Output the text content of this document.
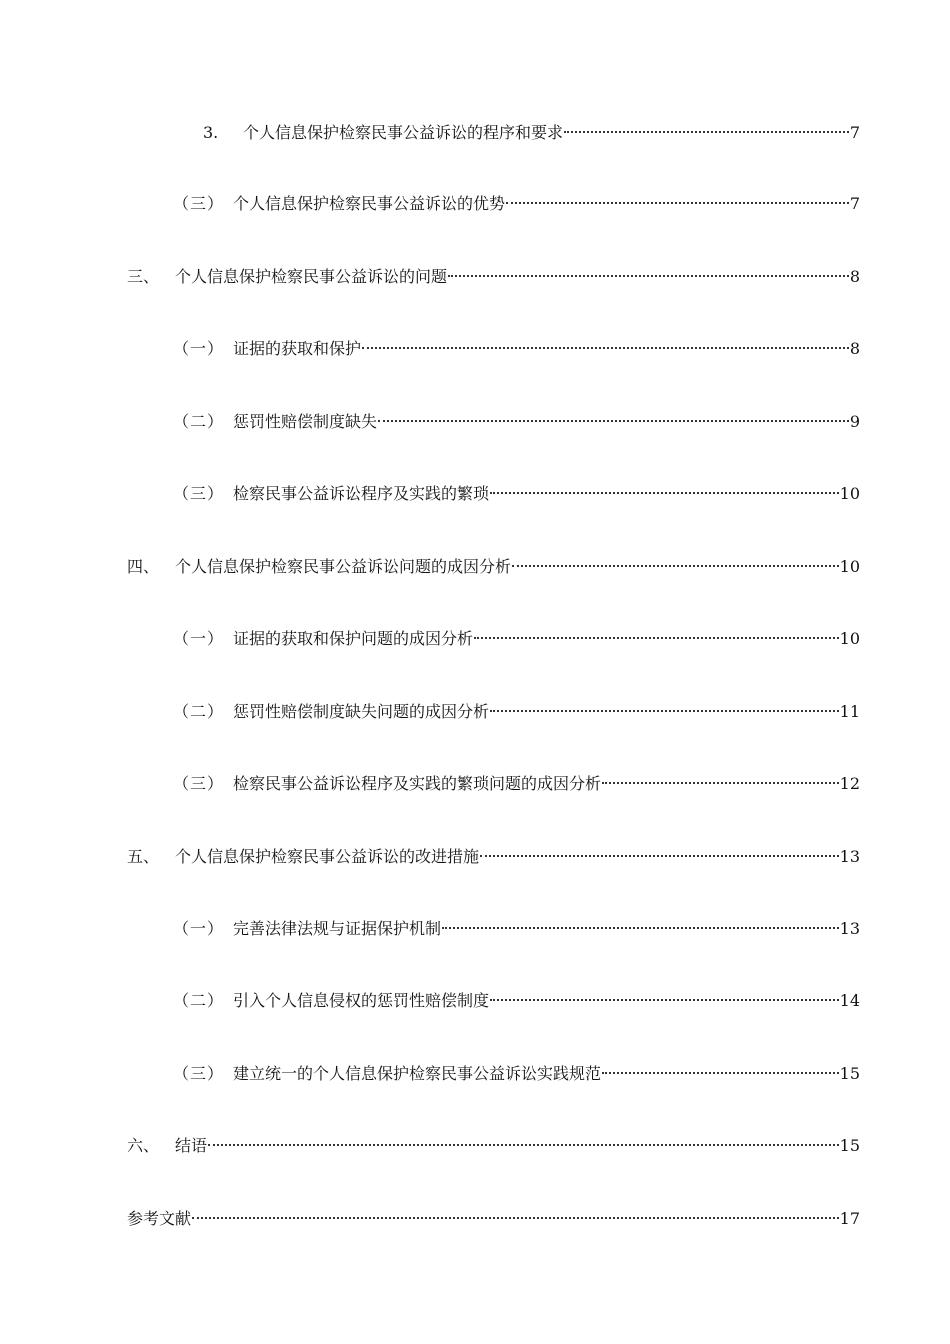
3.	个人信息保护检察民事公益诉讼的程序和要求	7
（三） 个人信息保护检察民事公益诉讼的优势	7
三、 个人信息保护检察民事公益诉讼的问题	8
（一） 证据的获取和保护	8
（二） 惩罚性赔偿制度缺失	9
（三） 检察民事公益诉讼程序及实践的繁琐	10
四、 个人信息保护检察民事公益诉讼问题的成因分析	10
（一） 证据的获取和保护问题的成因分析	10
（二） 惩罚性赔偿制度缺失问题的成因分析	11
（三） 检察民事公益诉讼程序及实践的繁琐问题的成因分析	12
五、 个人信息保护检察民事公益诉讼的改进措施	13
（一） 完善法律法规与证据保护机制	13
（二） 引入个人信息侵权的惩罚性赔偿制度	14
（三） 建立统一的个人信息保护检察民事公益诉讼实践规范	15
六、 结语	15
参考文献	17
